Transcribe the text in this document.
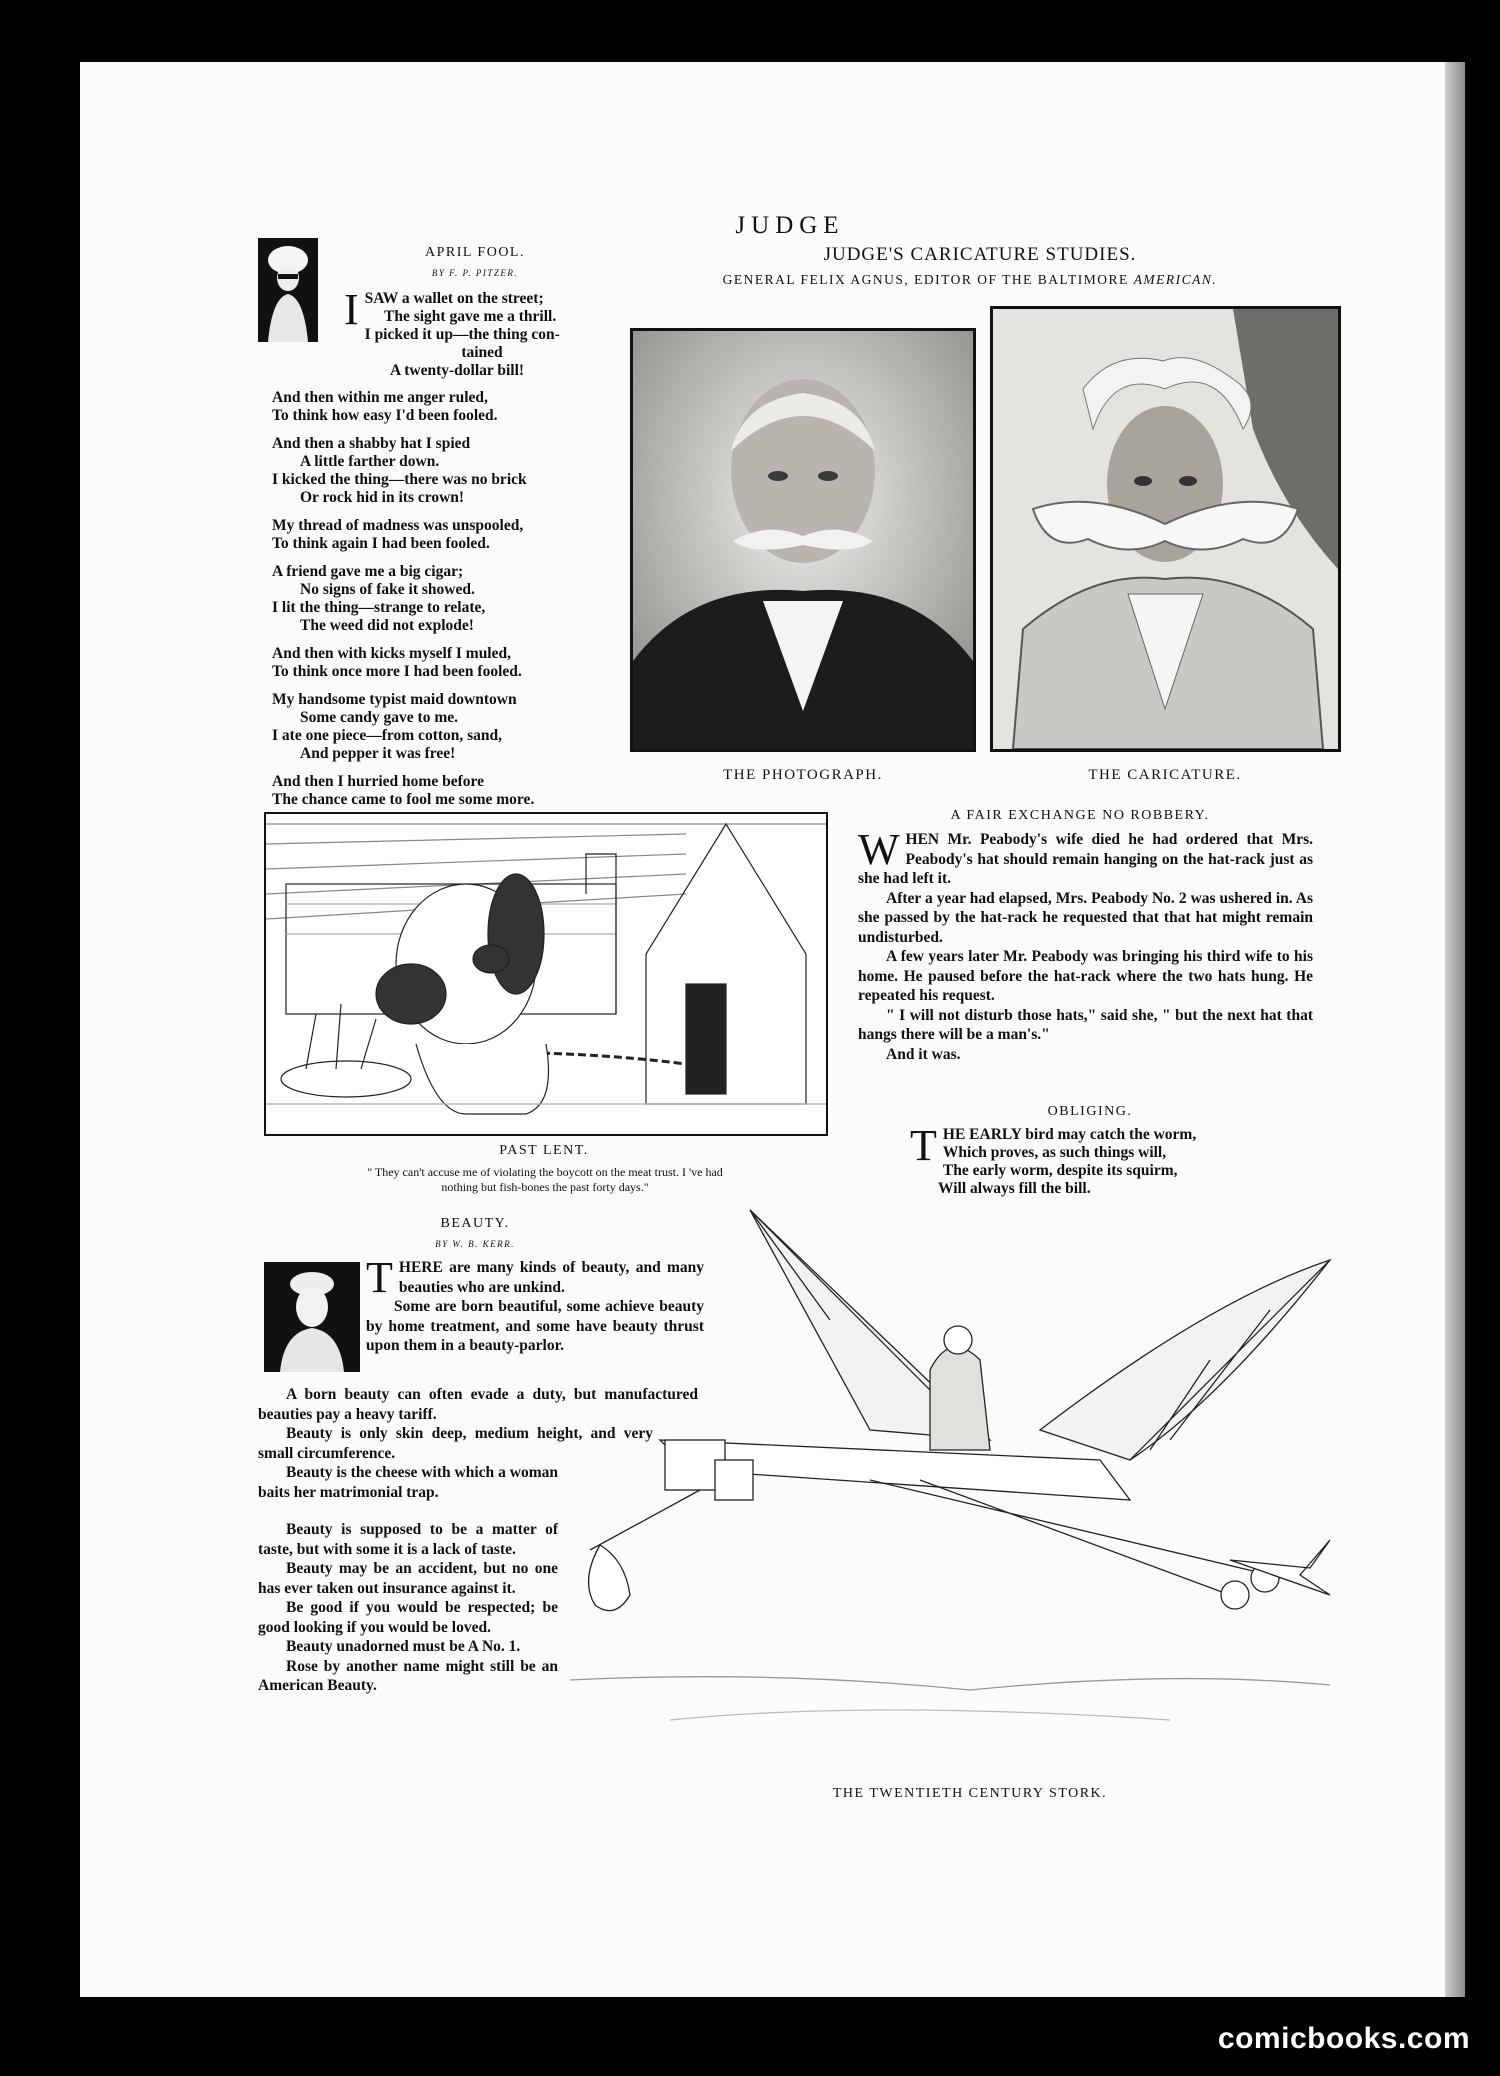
JUDGE
JUDGE'S CARICATURE STUDIES.
GENERAL FELIX AGNUS, EDITOR OF THE BALTIMORE AMERICAN.
THE PHOTOGRAPH.	THE CARICATURE.
APRIL FOOL.
BY F. P. PITZER.
I SAW a wallet on the street;
The sight gave me a thrill.
I picked it up—the thing con-
tained
A twenty-dollar bill!

And then within me anger ruled,
To think how easy I'd been fooled.

And then a shabby hat I spied
A little farther down.
I kicked the thing—there was no brick
Or rock hid in its crown!

My thread of madness was unspooled,
To think again I had been fooled.

A friend gave me a big cigar;
No signs of fake it showed.
I lit the thing—strange to relate,
The weed did not explode!

And then with kicks myself I muled,
To think once more I had been fooled.

My handsome typist maid downtown
Some candy gave to me.
I ate one piece—from cotton, sand,
And pepper it was free!

And then I hurried home before
The chance came to fool me some more.

PAST LENT.
" They can't accuse me of violating the boycott on the meat trust. I 've had
nothing but fish-bones the past forty days."
A FAIR EXCHANGE NO ROBBERY.

WHEN Mr. Peabody's wife died he had ordered that Mrs. Peabody's hat should remain hanging on the hat-rack just as she had left it.

After a year had elapsed, Mrs. Peabody No. 2 was ushered in. As she passed by the hat-rack he requested that that hat might remain undisturbed.

A few years later Mr. Peabody was bringing his third wife to his home. He paused before the hat-rack where the two hats hung. He repeated his request.

" I will not disturb those hats," said she, " but the next hat that hangs there will be a man's."

And it was.

OBLIGING.
T HE EARLY bird may catch the worm,
Which proves, as such things will,
The early worm, despite its squirm,
Will always fill the bill.
BEAUTY.
BY W. B. KERR.

THERE are many kinds of beauty, and many beauties who are unkind.

Some are born beautiful, some achieve beauty by home treatment, and some have beauty thrust upon them in a beauty-parlor.

A born beauty can often evade a duty, but manufactured beauties pay a heavy tariff.

Beauty is only skin deep, medium height, and very small circumference.

Beauty is the cheese with which a woman baits her matrimonial trap.

Beauty is supposed to be a matter of taste, but with some it is a lack of taste.

Beauty may be an accident, but no one has ever taken out insurance against it.

Be good if you would be respected; be good looking if you would be loved.

Beauty unadorned must be A No. 1.

Rose by another name might still be an American Beauty.

THE TWENTIETH CENTURY STORK.
comicbooks.com
